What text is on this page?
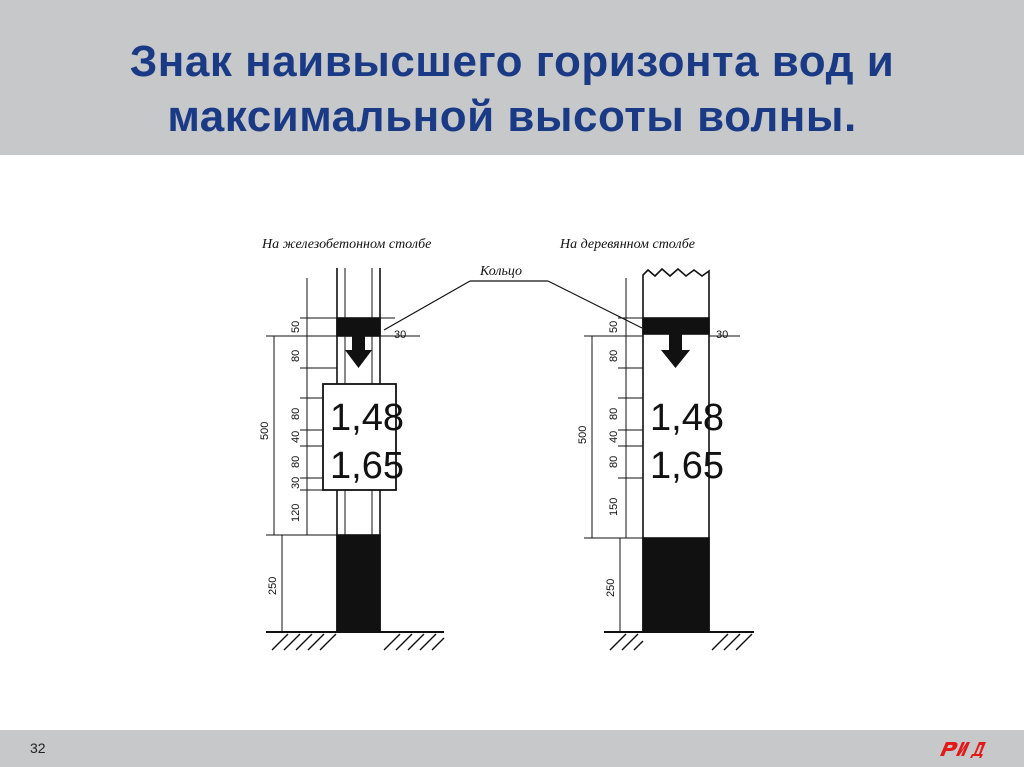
Знак наивысшего горизонта вод и
максимальной высоты волны.
На железобетонном столбе
1,48
1,65
50
80
500
80
40
80
30
120
250
30
Кольцо
На деревянном столбе
1,48
1,65
50
80
500
80
40
80
150
250
30
32
